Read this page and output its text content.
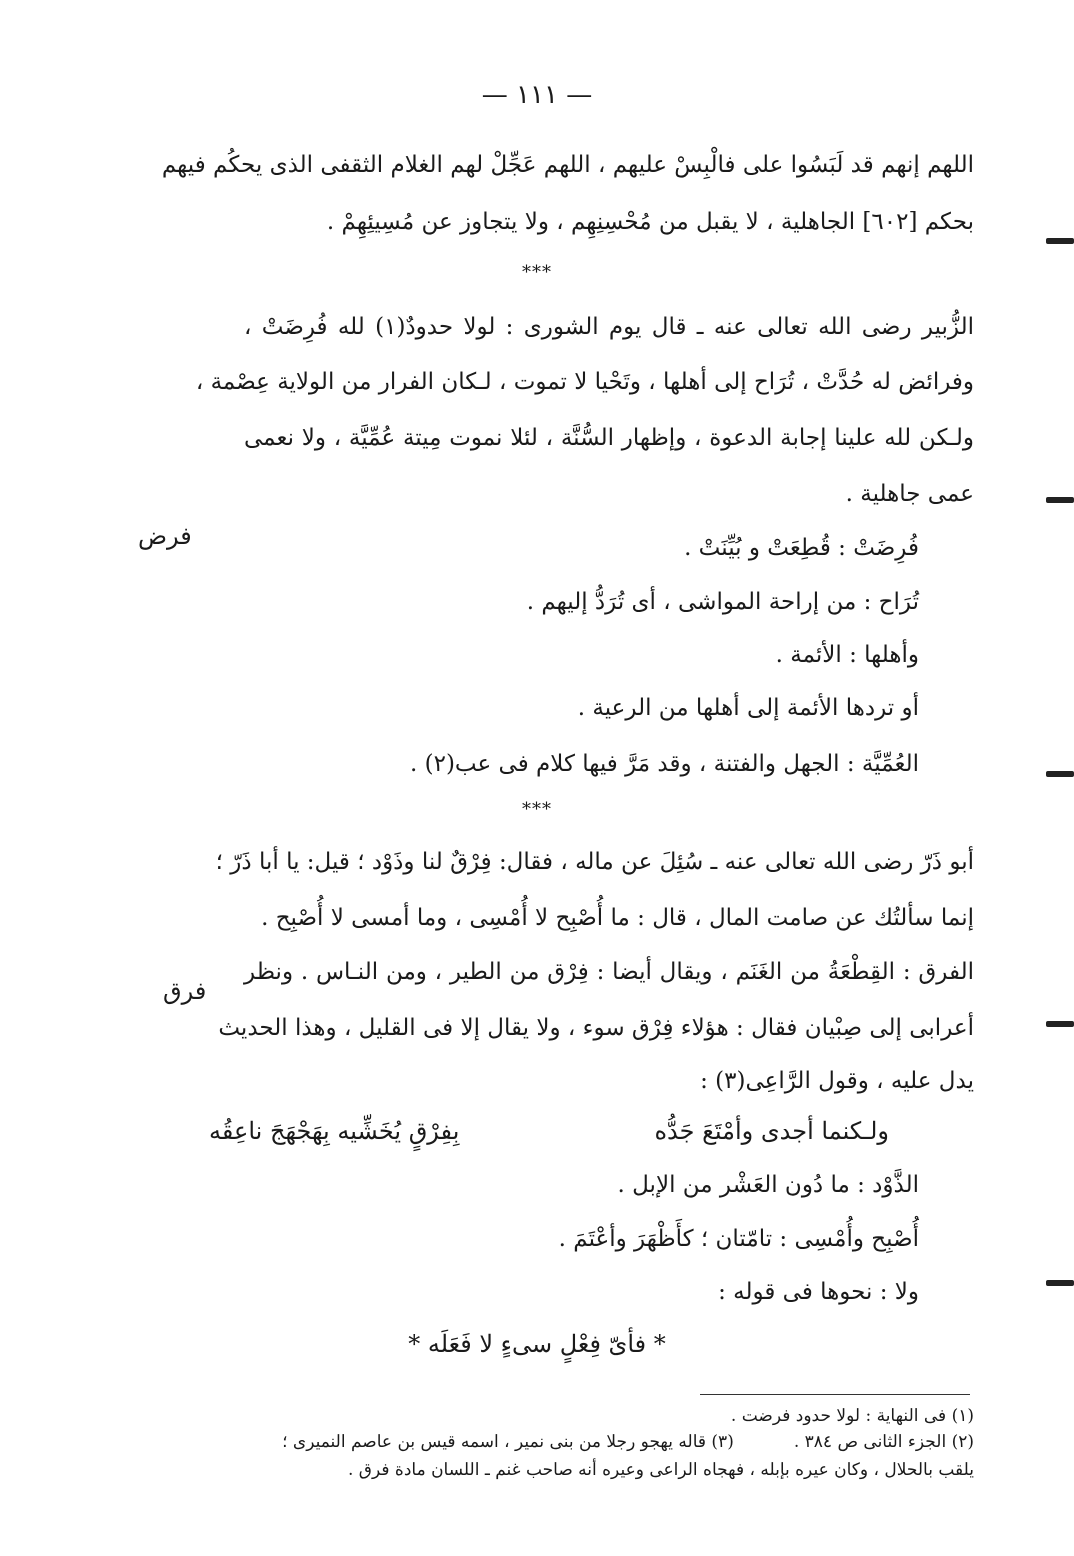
— ١١١ —
اللهم إنهم قد لَبَسُوا على فالْبِسْ عليهم ، اللهم عَجِّلْ لهم الغلام الثقفى الذى يحكُم فيهم
بحكم [٦٠٢] الجاهلية ، لا يقبل من مُحْسِنِهِم ، ولا يتجاوز عن مُسِيئِهِمْ .
***
الزُّبير رضى الله تعالى عنه ـ قال يوم الشورى : لولا حدودٌ(١) لله فُرِضَتْ ،
وفرائض له حُدَّتْ ، تُرَاح إلى أهلها ، وتَحْيا لا تموت ، لـكان الفرار من الولاية عِصْمة ،
ولـكن لله علينا إجابة الدعوة ، وإظهار السُّنَّة ، لئلا نموت مِيتة عُمِّيَّة ، ولا نعمى
عمى جاهلية .
فرض	فُرِضَتْ : قُطِعَتْ و بُيِّنَتْ .
تُرَاح : من إراحة المواشى ، أى تُرَدُّ إليهم .
وأهلها : الأئمة .
أو تردها الأئمة إلى أهلها من الرعية .
العُمِّيَّة : الجهل والفتنة ، وقد مَرَّ فيها كلام فى عب(٢) .
***
أبو ذَرّ رضى الله تعالى عنه ـ سُئِلَ عن ماله ، فقال: فِرْقٌ لنا وذَوْد ؛ قيل: يا أبا ذَرّ ؛
إنما سألتُك عن صامت المال ، قال : ما أُصْبِح لا أُمْسِى ، وما أمسى لا أُصْبِح .
الفرق : القِطْعَةُ من الغَنَم ، ويقال أيضا : فِرْق من الطير ، ومن النـاس . ونظر
أعرابى إلى صِبْيان فقال : هؤلاء فِرْق سوء ، ولا يقال إلا فى القليل ، وهذا الحديث
يدل عليه ، وقول الرَّاعِى(٣) :
فرق
ولـكنما أجدى وأمْتَعَ جَدُّه
بِفِرْقٍ يُخَشِّيه بِهَجْهَجَ ناعِقُه
الذَّوْد : ما دُون العَشْر من الإبل .
أُصْبِح وأُمْسِى : تامّتان ؛ كأَظْهَرَ وأعْتَمَ .
ولا : نحوها فى قوله :
* فأىّ فِعْلٍ سىءٍ لا فَعَلَه *
(١) فى النهاية : لولا حدود فرضت .
(٢) الجزء الثانى ص ٣٨٤ .
(٣) قاله يهجو رجلا من بنى نمير ، اسمه قيس بن عاصم النميرى ؛
يلقب بالحلال ، وكان عيره بإبله ، فهجاه الراعى وعيره أنه صاحب غنم ـ اللسان مادة فرق .
